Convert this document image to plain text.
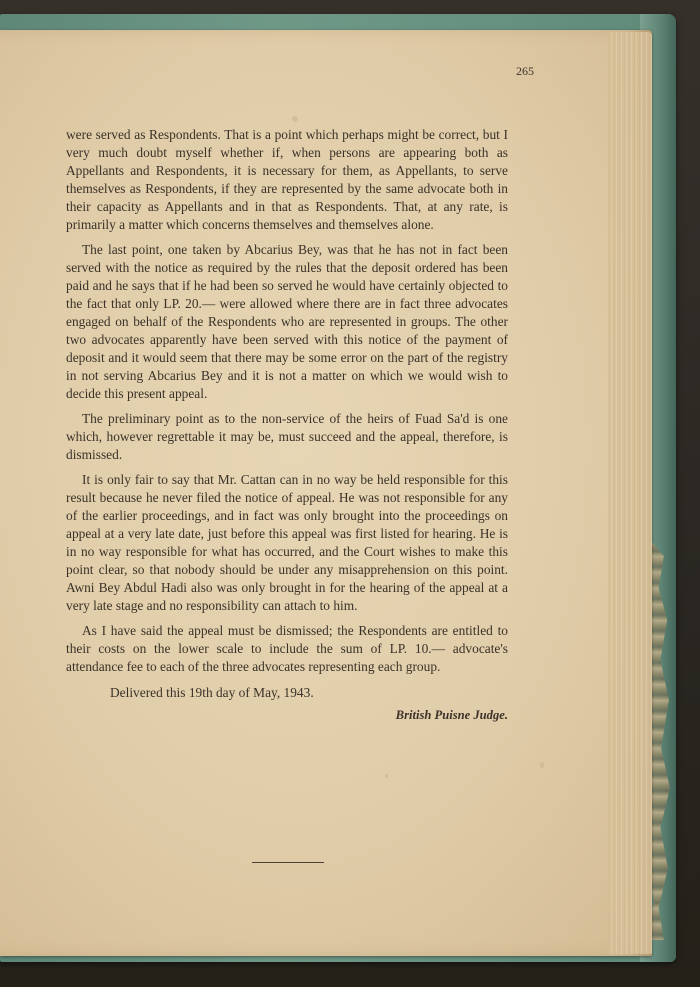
265

were served as Respondents. That is a point which perhaps might be correct, but I very much doubt myself whether if, when persons are appearing both as Appellants and Respondents, it is necessary for them, as Appellants, to serve themselves as Respondents, if they are represented by the same advocate both in their capacity as Appellants and in that as Respondents. That, at any rate, is primarily a matter which concerns themselves and themselves alone.

The last point, one taken by Abcarius Bey, was that he has not in fact been served with the notice as required by the rules that the deposit ordered has been paid and he says that if he had been so served he would have certainly objected to the fact that only LP. 20.— were allowed where there are in fact three advocates engaged on behalf of the Respondents who are represented in groups. The other two advocates apparently have been served with this notice of the payment of deposit and it would seem that there may be some error on the part of the registry in not serving Abcarius Bey and it is not a matter on which we would wish to decide this present appeal.

The preliminary point as to the non-service of the heirs of Fuad Sa'd is one which, however regrettable it may be, must succeed and the appeal, therefore, is dismissed.

It is only fair to say that Mr. Cattan can in no way be held responsible for this result because he never filed the notice of appeal. He was not responsible for any of the earlier proceedings, and in fact was only brought into the proceedings on appeal at a very late date, just before this appeal was first listed for hearing. He is in no way responsible for what has occurred, and the Court wishes to make this point clear, so that nobody should be under any misapprehension on this point. Awni Bey Abdul Hadi also was only brought in for the hearing of the appeal at a very late stage and no responsibility can attach to him.

As I have said the appeal must be dismissed; the Respondents are entitled to their costs on the lower scale to include the sum of LP. 10.— advocate's attendance fee to each of the three advocates representing each group.

Delivered this 19th day of May, 1943.

British Puisne Judge.
